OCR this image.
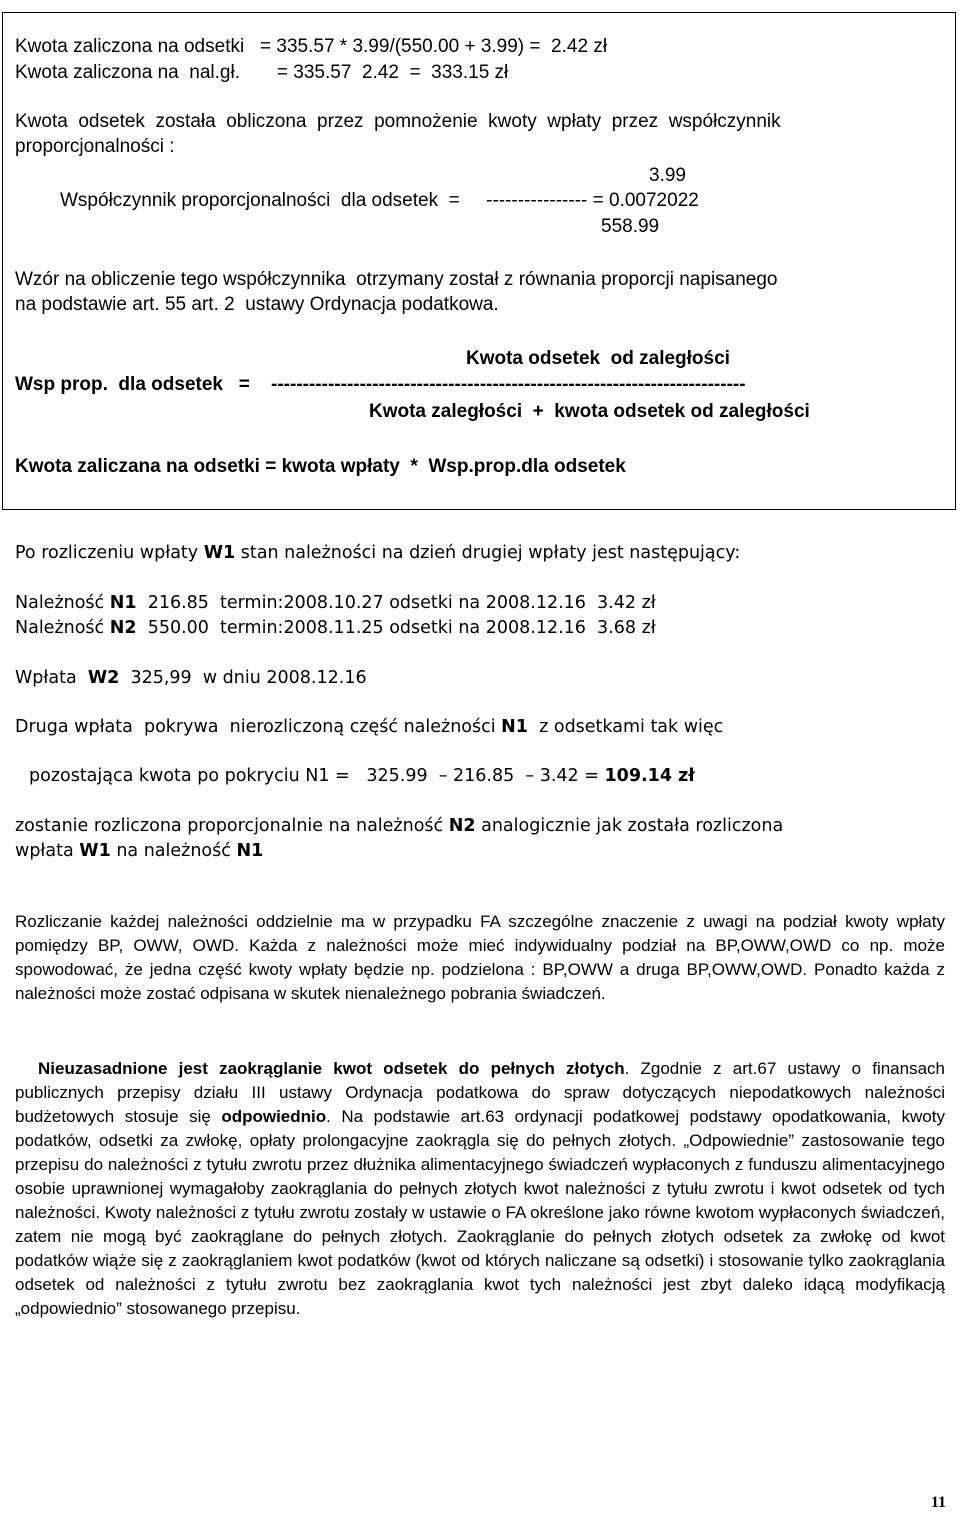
Kwota zaliczona na odsetki   = 335.57 * 3.99/(550.00 + 3.99) =  2.42 zł
Kwota zaliczona na  nal.gł.       = 335.57  2.42  =  333.15 zł
Kwota  odsetek  została  obliczona  przez  pomnożenie  kwoty  wpłaty  przez  współczynnik
proporcjonalności :
3.99
Współczynnik proporcjonalności  dla odsetek  =     ---------------- = 0.0072022
558.99
Wzór na obliczenie tego współczynnika  otrzymany został z równania proporcji napisanego
na podstawie art. 55 art. 2  ustawy Ordynacja podatkowa.
Kwota odsetek  od zaległości
Wsp prop.  dla odsetek   =    ---------------------------------------------------------------------------
Kwota zaległości  +  kwota odsetek od zaległości
Kwota zaliczana na odsetki = kwota wpłaty  *  Wsp.prop.dla odsetek
Po rozliczeniu wpłaty W1 stan należności na dzień drugiej wpłaty jest następujący:
Należność N1  216.85  termin:2008.10.27 odsetki na 2008.12.16  3.42 zł
Należność N2  550.00  termin:2008.11.25 odsetki na 2008.12.16  3.68 zł
Wpłata  W2  325,99  w dniu 2008.12.16
Druga wpłata  pokrywa  nierozliczoną część należności N1  z odsetkami tak więc
pozostająca kwota po pokryciu N1 =   325.99  – 216.85  – 3.42 = 109.14 zł
zostanie rozliczona proporcjonalnie na należność N2 analogicznie jak została rozliczona
wpłata W1 na należność N1
Rozliczanie każdej należności oddzielnie ma w przypadku FA szczególne znaczenie z uwagi na podział kwoty wpłaty pomiędzy BP, OWW, OWD. Każda z należności może mieć indywidualny podział na BP,OWW,OWD co np. może spowodować, że jedna część kwoty wpłaty będzie np. podzielona : BP,OWW a druga BP,OWW,OWD. Ponadto każda z należności może zostać odpisana w skutek nienależnego pobrania świadczeń.
Nieuzasadnione jest zaokrąglanie kwot odsetek do pełnych złotych. Zgodnie z art.67 ustawy o finansach publicznych przepisy działu III ustawy Ordynacja podatkowa do spraw dotyczących niepodatkowych należności budżetowych stosuje się odpowiednio. Na podstawie art.63 ordynacji podatkowej podstawy opodatkowania, kwoty podatków, odsetki za zwłokę, opłaty prolongacyjne zaokrągla się do pełnych złotych. „Odpowiednie” zastosowanie tego przepisu do należności z tytułu zwrotu przez dłużnika alimentacyjnego świadczeń wypłaconych z funduszu alimentacyjnego osobie uprawnionej wymagałoby zaokrąglania do pełnych złotych kwot należności z tytułu zwrotu i kwot odsetek od tych należności. Kwoty należności z tytułu zwrotu zostały w ustawie o FA określone jako równe kwotom wypłaconych świadczeń, zatem nie mogą być zaokrąglane do pełnych złotych. Zaokrąglanie do pełnych złotych odsetek za zwłokę od kwot podatków wiąże się z zaokrąglaniem kwot podatków (kwot od których naliczane są odsetki) i stosowanie tylko zaokrąglania odsetek od należności z tytułu zwrotu bez zaokrąglania kwot tych należności jest zbyt daleko idącą modyfikacją „odpowiednio” stosowanego przepisu.
11
